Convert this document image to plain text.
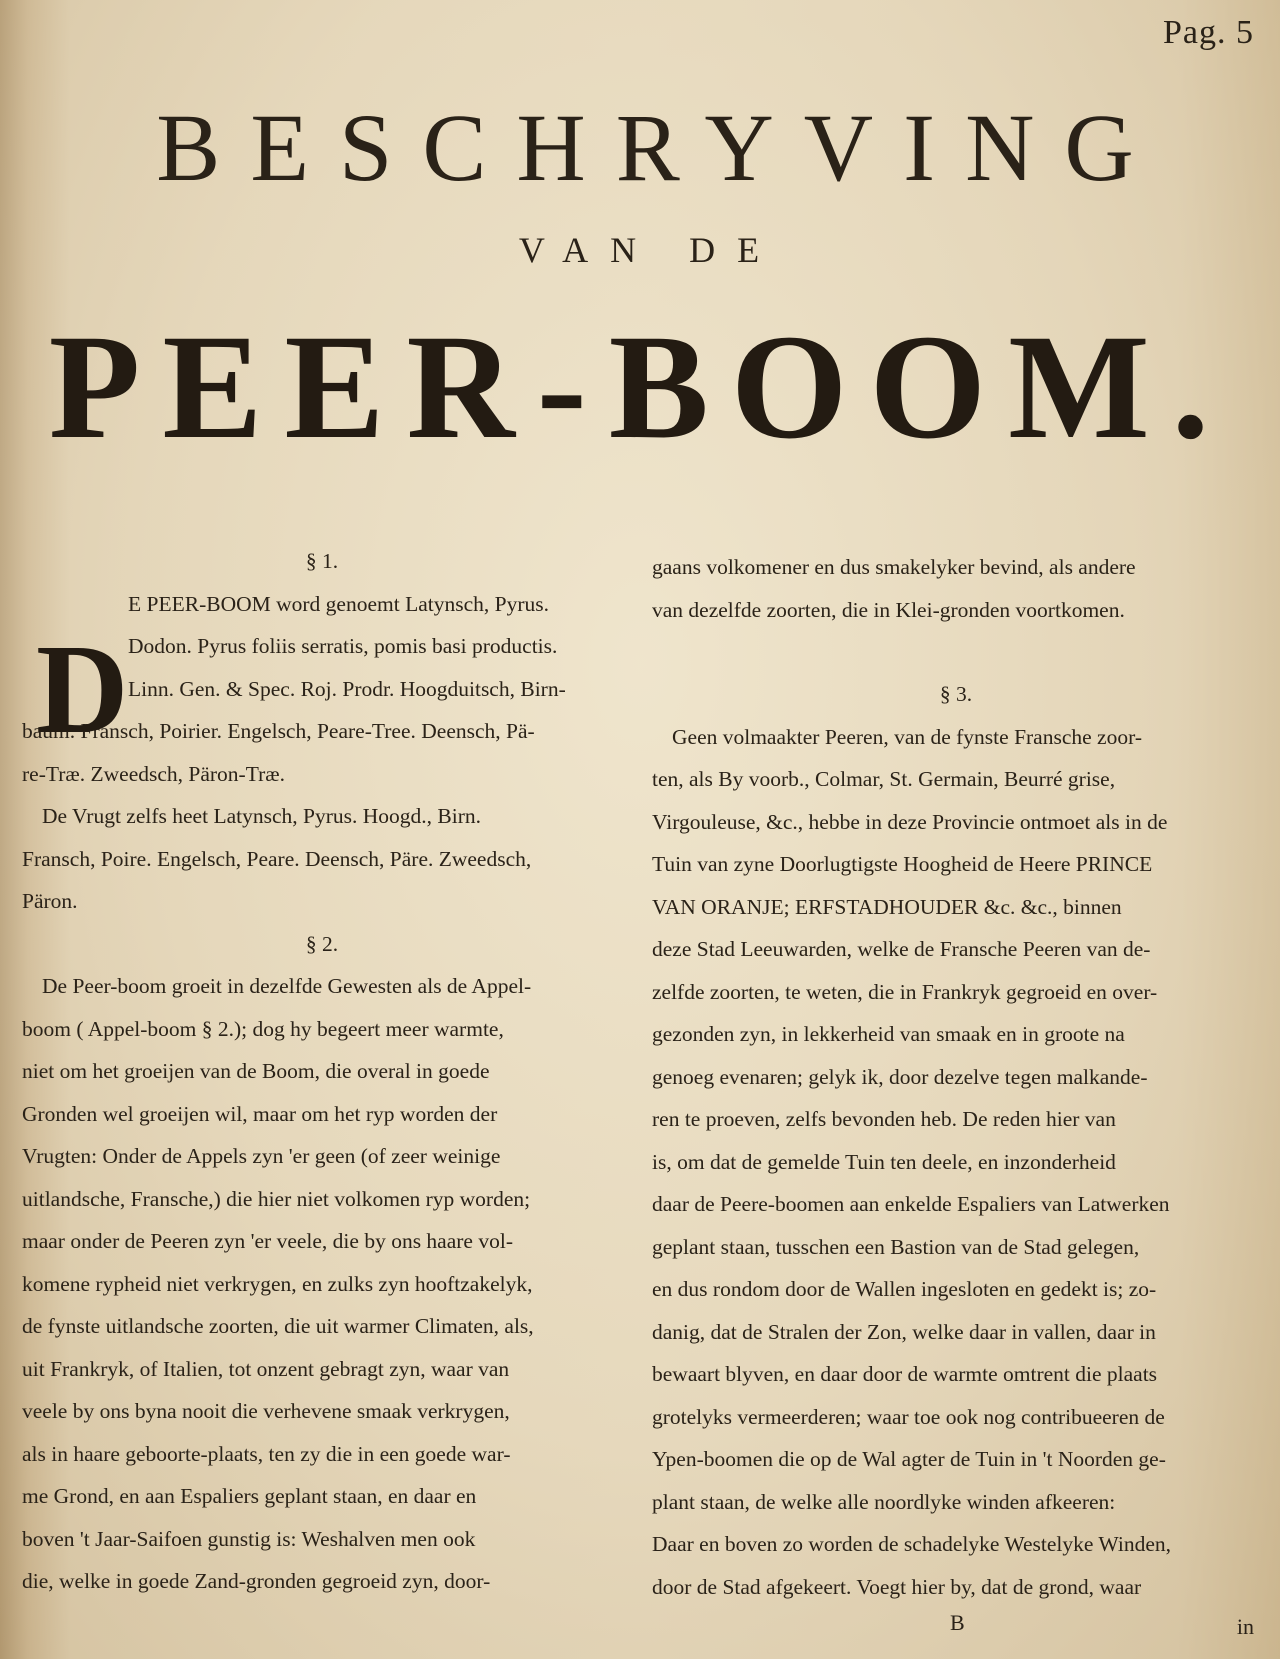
Pag. 5
BESCHRYVING
VAN DE
PEER-BOOM.

§ 1.

D
E PEER-BOOM word genoemt Latynsch, Pyrus.
Dodon. Pyrus foliis serratis, pomis basi productis.
Linn. Gen. & Spec. Roj. Prodr. Hoogduitsch, Birn-
baum. Fransch, Poirier. Engelsch, Peare-Tree. Deensch, Pä-
re-Træ. Zweedsch, Päron-Træ.
De Vrugt zelfs heet Latynsch, Pyrus. Hoogd., Birn.
Fransch, Poire. Engelsch, Peare. Deensch, Päre. Zweedsch,
Päron.

§ 2.

De Peer-boom groeit in dezelfde Gewesten als de Appel-
boom ( Appel-boom § 2.); dog hy begeert meer warmte,
niet om het groeijen van de Boom, die overal in goede
Gronden wel groeijen wil, maar om het ryp worden der
Vrugten: Onder de Appels zyn 'er geen (of zeer weinige
uitlandsche, Fransche,) die hier niet volkomen ryp worden;
maar onder de Peeren zyn 'er veele, die by ons haare vol-
komene rypheid niet verkrygen, en zulks zyn hooftzakelyk,
de fynste uitlandsche zoorten, die uit warmer Climaten, als,
uit Frankryk, of Italien, tot onzent gebragt zyn, waar van
veele by ons byna nooit die verhevene smaak verkrygen,
als in haare geboorte-plaats, ten zy die in een goede war-
me Grond, en aan Espaliers geplant staan, en daar en
boven 't Jaar-Saifoen gunstig is: Weshalven men ook
die, welke in goede Zand-gronden gegroeid zyn, door-
gaans volkomener en dus smakelyker bevind, als andere
van dezelfde zoorten, die in Klei-gronden voortkomen.

§ 3.

Geen volmaakter Peeren, van de fynste Fransche zoor-
ten, als By voorb., Colmar, St. Germain, Beurré grise,
Virgouleuse, &c., hebbe in deze Provincie ontmoet als in de
Tuin van zyne Doorlugtigste Hoogheid de Heere PRINCE
VAN ORANJE; ERFSTADHOUDER &c. &c., binnen
deze Stad Leeuwarden, welke de Fransche Peeren van de-
zelfde zoorten, te weten, die in Frankryk gegroeid en over-
gezonden zyn, in lekkerheid van smaak en in groote na
genoeg evenaren; gelyk ik, door dezelve tegen malkande-
ren te proeven, zelfs bevonden heb. De reden hier van
is, om dat de gemelde Tuin ten deele, en inzonderheid
daar de Peere-boomen aan enkelde Espaliers van Latwerken
geplant staan, tusschen een Bastion van de Stad gelegen,
en dus rondom door de Wallen ingesloten en gedekt is; zo-
danig, dat de Stralen der Zon, welke daar in vallen, daar in
bewaart blyven, en daar door de warmte omtrent die plaats
grotelyks vermeerderen; waar toe ook nog contribueeren de
Ypen-boomen die op de Wal agter de Tuin in 't Noorden ge-
plant staan, de welke alle noordlyke winden afkeeren:
Daar en boven zo worden de schadelyke Westelyke Winden,
door de Stad afgekeert. Voegt hier by, dat de grond, waar
B	in
